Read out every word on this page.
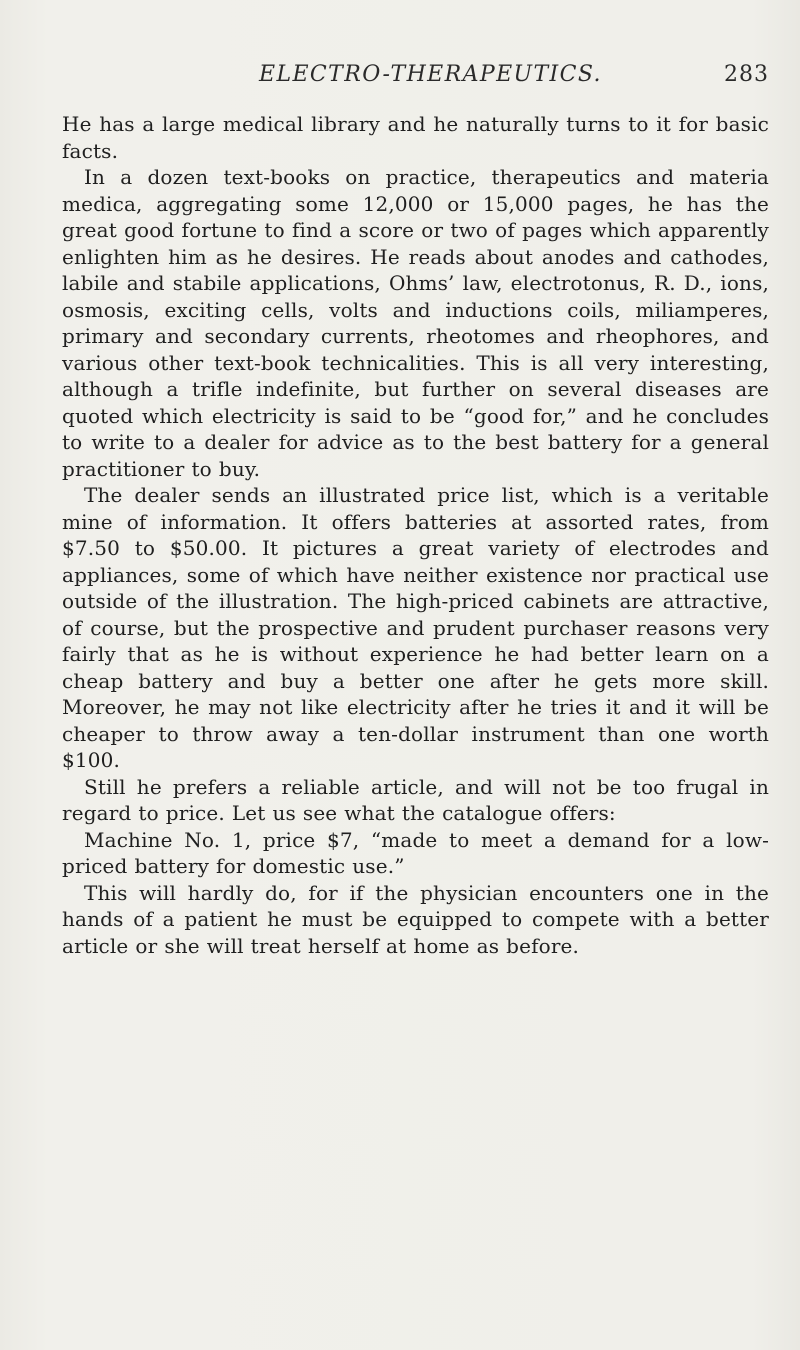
ELECTRO-THERAPEUTICS.	283

He has a large medical library and he naturally turns to it for basic facts.

In a dozen text-books on practice, therapeutics and materia medica, aggregating some 12,000 or 15,000 pages, he has the great good fortune to find a score or two of pages which apparently enlighten him as he desires. He reads about anodes and cathodes, labile and stabile applications, Ohms’ law, electrotonus, R. D., ions, osmosis, exciting cells, volts and inductions coils, miliamperes, primary and secondary currents, rheotomes and rheophores, and various other text-book technicalities. This is all very interesting, although a trifle indefinite, but further on several diseases are quoted which electricity is said to be “good for,” and he concludes to write to a dealer for advice as to the best battery for a general practitioner to buy.

The dealer sends an illustrated price list, which is a veritable mine of information. It offers batteries at assorted rates, from $7.50 to $50.00. It pictures a great variety of electrodes and appliances, some of which have neither existence nor practical use outside of the illustration. The high-priced cabinets are attractive, of course, but the prospective and prudent purchaser reasons very fairly that as he is without experience he had better learn on a cheap battery and buy a better one after he gets more skill. Moreover, he may not like electricity after he tries it and it will be cheaper to throw away a ten-dollar instrument than one worth $100.

Still he prefers a reliable article, and will not be too frugal in regard to price. Let us see what the catalogue offers:

Machine No. 1, price $7, “made to meet a demand for a low-priced battery for domestic use.”

This will hardly do, for if the physician encounters one in the hands of a patient he must be equipped to compete with a better article or she will treat herself at home as before.
